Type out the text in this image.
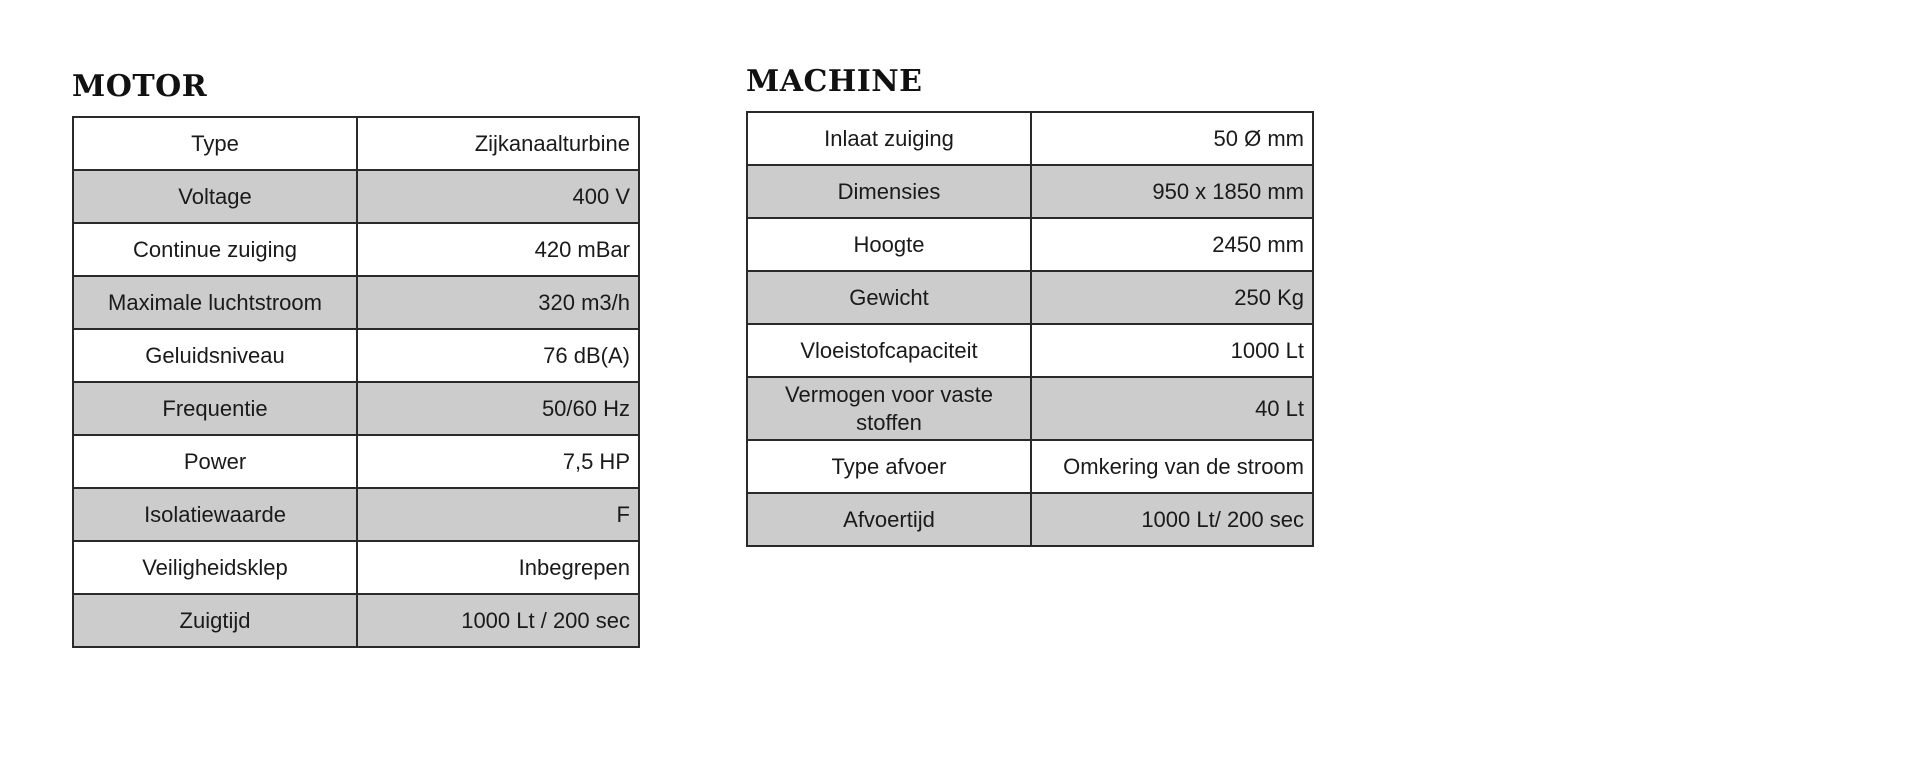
MOTOR
Type	Zijkanaalturbine
Voltage	400 V
Continue zuiging	420 mBar
Maximale luchtstroom	320 m3/h
Geluidsniveau	76 dB(A)
Frequentie	50/60 Hz
Power	7,5 HP
Isolatiewaarde	F
Veiligheidsklep	Inbegrepen
Zuigtijd	1000 Lt / 200 sec
MACHINE
Inlaat zuiging	50 Ø mm
Dimensies	950 x 1850 mm
Hoogte	2450 mm
Gewicht	250 Kg
Vloeistofcapaciteit	1000 Lt
Vermogen voor vaste stoffen	40 Lt
Type afvoer	Omkering van de stroom
Afvoertijd	1000 Lt/ 200 sec
